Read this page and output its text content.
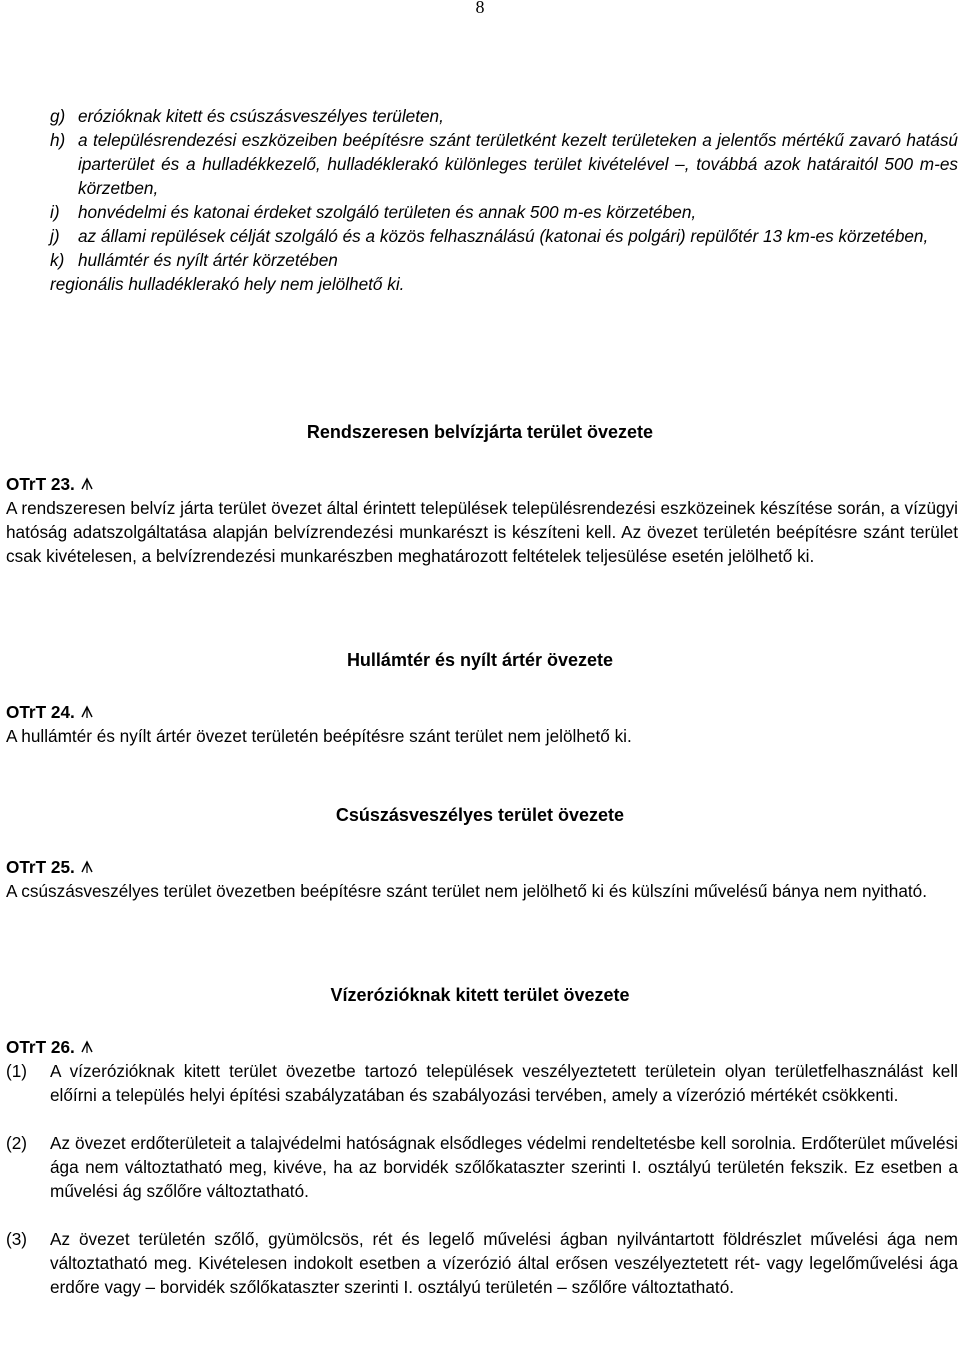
8

g) erózióknak kitett és csúszásveszélyes területen,

h) a településrendezési eszközeiben beépítésre szánt területként kezelt területeken a jelentős mértékű zavaró hatású iparterület és a hulladékkezelő, hulladéklerakó különleges terület kivételével –, továbbá azok határaitól 500 m-es körzetben,

i) honvédelmi és katonai érdeket szolgáló területen és annak 500 m-es körzetében,

j) az állami repülések célját szolgáló és a közös felhasználású (katonai és polgári) repülőtér 13 km-es körzetében,

k) hullámtér és nyílt ártér körzetében

regionális hulladéklerakó hely nem jelölhető ki.

Rendszeresen belvízjárta terület övezete
OTrT 23.

A rendszeresen belvíz járta terület övezet által érintett települések településrendezési eszközeinek készítése során, a vízügyi hatóság adatszolgáltatása alapján belvízrendezési munkarészt is készíteni kell. Az övezet területén beépítésre szánt terület csak kivételesen, a belvízrendezési munkarészben meghatározott feltételek teljesülése esetén jelölhető ki.

Hullámtér és nyílt ártér övezete
OTrT 24.

A hullámtér és nyílt ártér övezet területén beépítésre szánt terület nem jelölhető ki.

Csúszásveszélyes terület övezete
OTrT 25.

A csúszásveszélyes terület övezetben beépítésre szánt terület nem jelölhető ki és külszíni művelésű bánya nem nyitható.

Vízerózióknak kitett terület övezete
OTrT 26.

(1) A vízerózióknak kitett terület övezetbe tartozó települések veszélyeztetett területein olyan területfelhasználást kell előírni a település helyi építési szabályzatában és szabályozási tervében, amely a vízerózió mértékét csökkenti.

(2) Az övezet erdőterületeit a talajvédelmi hatóságnak elsődleges védelmi rendeltetésbe kell sorolnia. Erdőterület művelési ága nem változtatható meg, kivéve, ha az borvidék szőlőkataszter szerinti I. osztályú területén fekszik. Ez esetben a művelési ág szőlőre változtatható.

(3) Az övezet területén szőlő, gyümölcsös, rét és legelő művelési ágban nyilvántartott földrészlet művelési ága nem változtatható meg. Kivételesen indokolt esetben a vízerózió által erősen veszélyeztetett rét- vagy legelőművelési ága erdőre vagy – borvidék szőlőkataszter szerinti I. osztályú területén – szőlőre változtatható.
